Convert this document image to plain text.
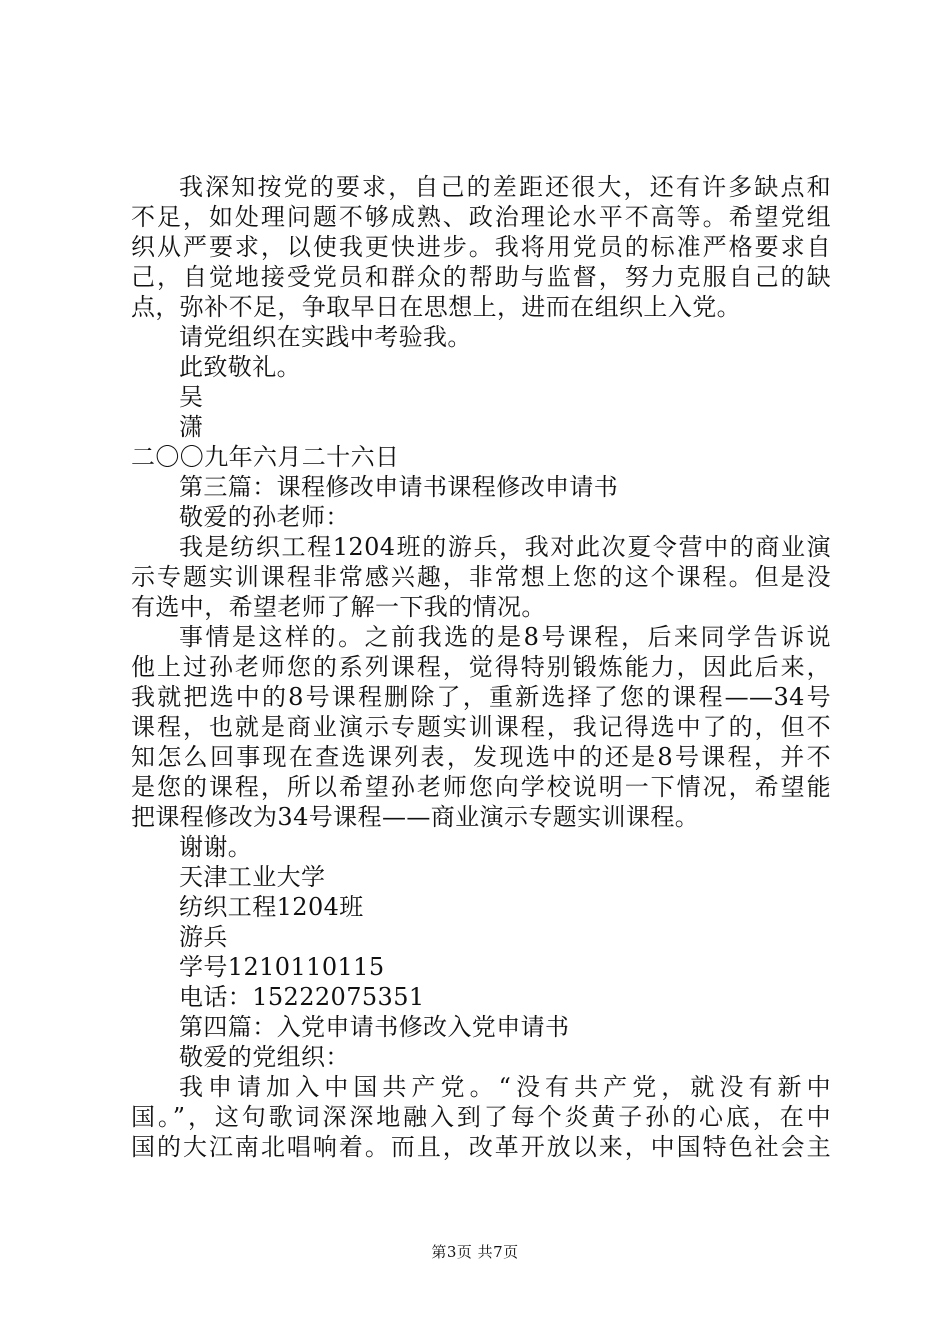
我深知按党的要求，自己的差距还很大，还有许多缺点和
不足，如处理问题不够成熟、政治理论水平不高等。希望党组
织从严要求，以使我更快进步。我将用党员的标准严格要求自
己，自觉地接受党员和群众的帮助与监督，努力克服自己的缺
点，弥补不足，争取早日在思想上，进而在组织上入党。
请党组织在实践中考验我。
此致敬礼。
吴
潇
二〇〇九年六月二十六日
第三篇：课程修改申请书课程修改申请书
敬爱的孙老师：
我是纺织工程1204班的游兵，我对此次夏令营中的商业演
示专题实训课程非常感兴趣，非常想上您的这个课程。但是没
有选中，希望老师了解一下我的情况。
事情是这样的。之前我选的是8号课程，后来同学告诉说
他上过孙老师您的系列课程，觉得特别锻炼能力，因此后来，
我就把选中的8号课程删除了，重新选择了您的课程——34号
课程，也就是商业演示专题实训课程，我记得选中了的，但不
知怎么回事现在查选课列表，发现选中的还是8号课程，并不
是您的课程，所以希望孙老师您向学校说明一下情况，希望能
把课程修改为34号课程——商业演示专题实训课程。
谢谢。
天津工业大学
纺织工程1204班
游兵
学号1210110115
电话：15222075351
第四篇：入党申请书修改入党申请书
敬爱的党组织：
我申请加入中国共产党。“没有共产党，就没有新中
国。”，这句歌词深深地融入到了每个炎黄子孙的心底，在中
国的大江南北唱响着。而且，改革开放以来，中国特色社会主
第3页 共7页
